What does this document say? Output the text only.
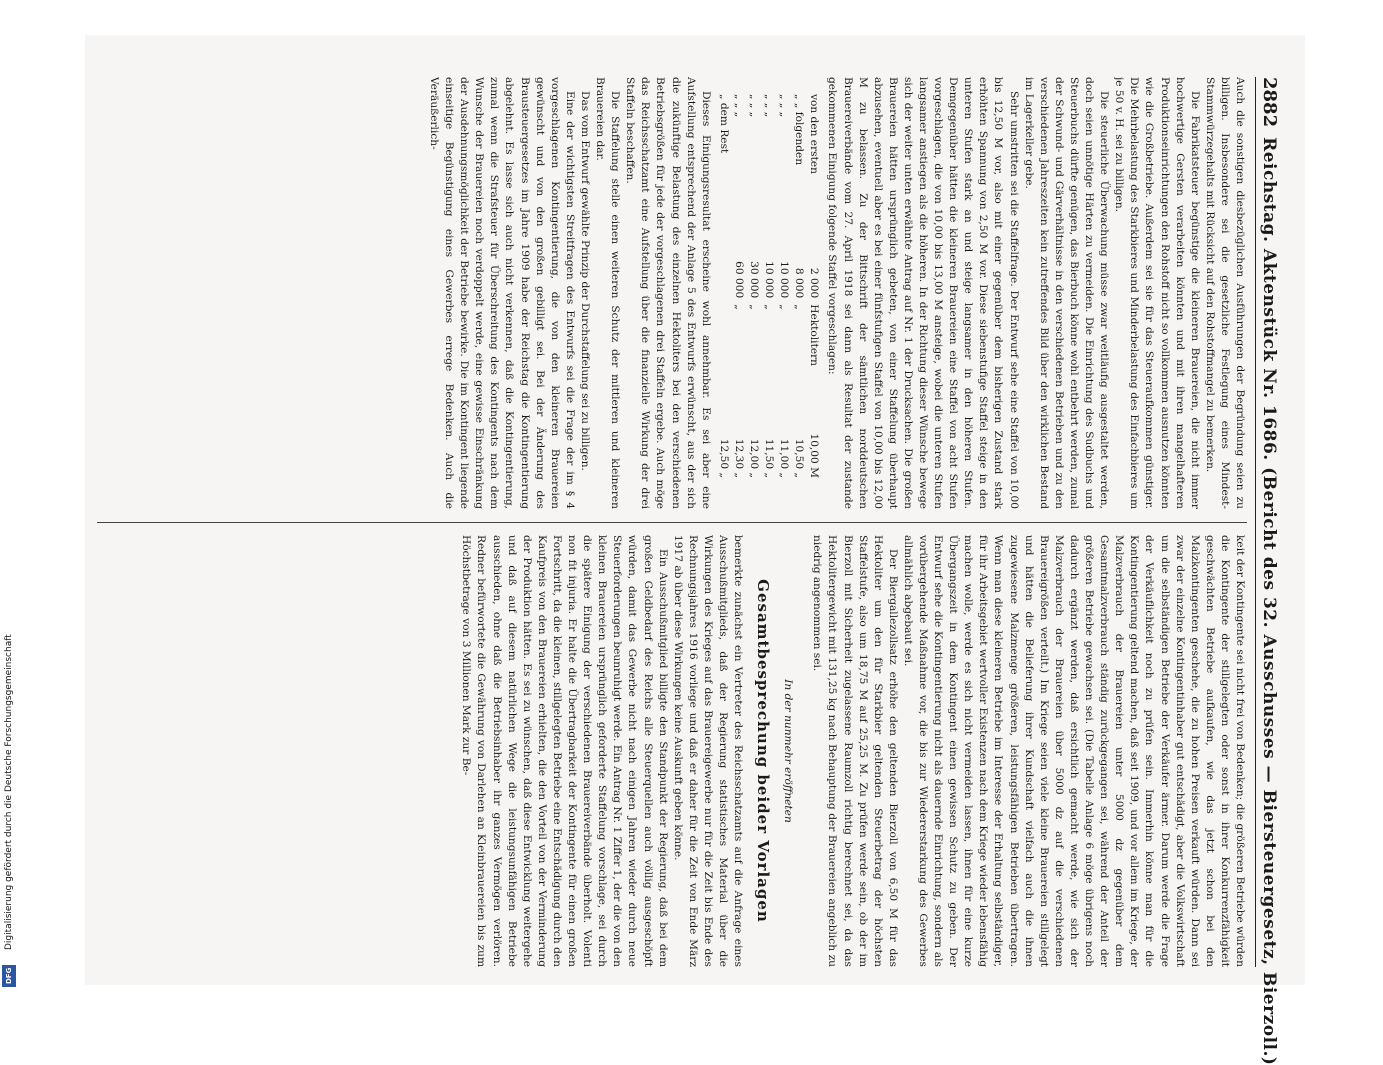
2882
Reichstag. Aktenstück Nr. 1686. (Bericht des 32. Ausschusses — Biersteuergesetz, Bierzoll.)

Auch die sonstigen diesbezüglichen Ausführungen der Begründung seien zu billigen. Insbesondere sei die gesetzliche Festlegung eines Mindest-Stammwürzegehalts mit Rücksicht auf den Rohstoffmangel zu bemerken.

Die Fabrikatsteuer begünstige die kleineren Brauereien, die nicht immer hochwertige Gersten verarbeiten könnten und mit ihren mangelhafteren Produktionseinrichtungen den Rohstoff nicht so vollkommen ausnutzen könnten wie die Großbetriebe. Außerdem sei sie für das Steueraufkommen günstiger. Die Mehrbelastung des Starkbieres und Minderbelastung des Einfachbieres um je 50 v. H. sei zu billigen.

Die steuerliche Überwachung müsse zwar weitläufig ausgestaltet werden, doch seien unnötige Härten zu vermeiden. Die Einrichtung des Sudbuchs und Steuerbuchs dürfte genügen, das Bierbuch könne wohl entbehrt werden, zumal der Schwund- und Gärverhältnisse in den verschiedenen Betrieben und zu den verschiedenen Jahreszeiten kein zutreffendes Bild über den wirklichen Bestand im Lagerkeller gebe.

Sehr umstritten sei die Staffelfrage. Der Entwurf sehe eine Staffel von 10,00 bis 12,50 M vor, also mit einer gegenüber dem bisherigen Zustand stark erhöhten Spannung von 2,50 M vor. Diese siebenstufige Staffel steige in den unteren Stufen stark an und steige langsamer in den höheren Stufen. Demgegenüber hätten die kleineren Brauereien eine Staffel von acht Stufen vorgeschlagen, die von 10,00 bis 13,00 M ansteige, wobei die unteren Stufen langsamer anstiegen als die höheren. In der Richtung dieser Wünsche bewege sich der weiter unten erwähnte Antrag auf Nr. 1 der Drucksachen. Die großen Brauereien hätten ursprünglich gebeten, von einer Staffelung überhaupt abzusehen, eventuell aber es bei einer fünfstufigen Staffel von 10,00 bis 12,00 M zu belassen. Zu der Bittschrift der sämtlichen norddeutschen Brauereiverbände vom 27. April 1918 sei dann als Resultat der zustande gekommenen Einigung folgende Staffel vorgeschlagen:

von den ersten	2 000	Hektolitern	10,00 M
„ „ folgenden	8 000	„	10,50 „
„ „ „	10 000	„	11,00 „
„ „ „	10 000	„	11,50 „
„ „ „	30 000	„	12,00 „
„ „ „	60 000	„	12,30 „
„ dem Rest			12,50 „

Dieses Einigungsresultat erscheine wohl annehmbar. Es sei aber eine Aufstellung entsprechend der Anlage 5 des Entwurfs erwünscht, aus der sich die zukünftige Belastung des einzelnen Hektoliters bei den verschiedenen Betriebsgrößen für jede der vorgeschlagenen drei Staffeln ergebe. Auch möge das Reichsschatzamt eine Aufstellung über die finanzielle Wirkung der drei Staffeln beschaffen.

Die Staffelung stelle einen weiteren Schutz der mittleren und kleineren Brauereien dar.

Das vom Entwurf gewählte Prinzip der Durchstaffelung sei zu billigen.

Eine der wichtigsten Streitfragen des Entwurfs sei die Frage der im § 4 vorgeschlagenen Kontingentierung, die von den kleineren Brauereien gewünscht und von den großen gebilligt sei. Bei der Änderung des Brausteuergesetzes im Jahre 1909 habe der Reichstag die Kontingentierung abgelehnt. Es lasse sich auch nicht verkennen, daß die Kontingentierung, zumal wenn die Strafsteuer für Überschreitung des Kontingents nach dem Wunsche der Brauereien noch verdoppelt werde, eine gewisse Einschränkung der Ausdehnungsmöglichkeit der Betriebe bewirke. Die im Kontingent liegende einseitige Begünstigung eines Gewerbes errege Bedenken. Auch die Veräußerlich-

keit der Kontingente sei nicht frei von Bedenken; die größeren Betriebe würden die Kontingente der stillgelegten oder sonst in ihrer Konkurrenzfähigkeit geschwächten Betriebe aufkaufen, wie das jetzt schon bei den Malzkontingenten geschehe, die zu hohen Preisen verkauft würden. Dann sei zwar der einzelne Kontingentinhaber gut entschädigt, aber die Volkswirtschaft um die selbständigen Betriebe der Verkäufer ärmer. Darum werde die Frage der Verkäuflichkeit noch zu prüfen sein. Immerhin könne man für die Kontingentierung geltend machen, daß seit 1909, und vor allem im Kriege, der Malzverbrauch der Brauereien unter 5000 dz gegenüber dem Gesamtmalzverbrauch ständig zurückgegangen sei, während der Anteil der größeren Betriebe gewachsen sei. (Die Tabelle Anlage 6 möge übrigens noch dadurch ergänzt werden, daß ersichtlich gemacht werde, wie sich der Malzverbrauch der Brauereien über 5000 dz auf die verschiedenen Brauereigrößen verteilt.) Im Kriege seien viele kleine Brauereien stillgelegt und hätten die Belieferung ihrer Kundschaft vielfach auch die ihnen zugewiesene Malzmenge größeren, leistungsfähigen Betrieben übertragen. Wenn man diese kleineren Betriebe im Interesse der Erhaltung selbständiger, für ihr Arbeitsgebiet wertvoller Existenzen nach dem Kriege wieder lebensfähig machen wolle, werde es sich nicht vermeiden lassen, ihnen für eine kurze Übergangszeit in dem Kontingent einen gewissen Schutz zu geben. Der Entwurf sehe die Kontingentierung nicht als dauernde Einrichtung, sondern als vorübergehende Maßnahme vor, die bis zur Wiedererstarkung des Gewerbes allmählich abgebaut sei.

Der Biergallezollsatz erhöhe den geltenden Bierzoll von 6,50 M für das Hektoliter um den für Starkbier geltenden Steuerbetrag der höchsten Staffelstufe, also um 18,75 M auf 25,25 M. Zu prüfen werde sein, ob der im Bierzoll mit Sicherheit zugelassene Raumzoll richtig berechnet sei, da das Hektolitergewicht mit 131,25 kg nach Behauptung der Brauereien angeblich zu niedrig angenommen sei.

In der nunmehr eröffneten

Gesamtbesprechung beider Vorlagen

bemerkte zunächst ein Vertreter des Reichsschatzamts auf die Anfrage eines Ausschußmitglieds, daß der Regierung statistisches Material über die Wirkungen des Krieges auf das Brauereigewerbe nur für die Zeit bis Ende des Rechnungsjahres 1916 vorliege und daß er daher für die Zeit von Ende März 1917 ab über diese Wirkungen keine Auskunft geben könne.

Ein Ausschußmitglied billigte den Standpunkt der Regierung, daß bei dem großen Geldbedarf des Reichs alle Steuerquellen auch völlig ausgeschöpft würden, damit das Gewerbe nicht nach einigen Jahren wieder durch neue Steuerforderungen beunruhigt werde. Ein Antrag Nr. 1 Ziffer 1, der die von den kleinen Brauereien ursprünglich geforderte Staffelung vorschlage, sei durch die spätere Einigung der verschiedenen Brauereiverbände überholt. Volenti non fit injuria. Er halte die Übertragbarkeit der Kontingente für einen großen Fortschritt, da die kleinen, stillgelegten Betriebe eine Entschädigung durch den Kaufpreis von den Brauereien erhielten, die den Vorteil von der Verminderung der Produktion hätten. Es sei zu wünschen, daß diese Entwicklung weitergehe und daß auf diesem natürlichen Wege die leistungsunfähigen Betriebe ausschieden, ohne daß die Betriebsinhaber ihr ganzes Vermögen verlören. Redner befürwortete die Gewährung von Darlehen an Kleinbrauereien bis zum Höchstbetrage von 3 Millionen Mark zur Be-

Digitalisierung gefördert durch die Deutsche Forschungsgemeinschaft
DFG
